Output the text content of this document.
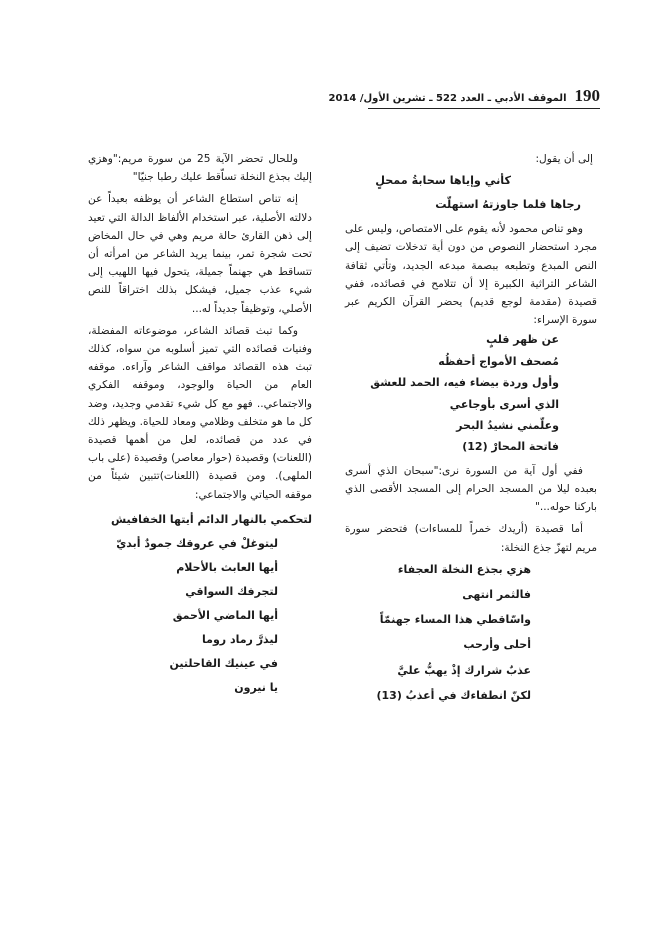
190
الموقف الأدبي ـ العدد 522 ـ تشرين الأول/ 2014

إلى أن يقول:

كأني وإياها سحابةُ ممحلٍ

رجاها فلما جاوزتهُ استهلّت

وهو تناص محمود لأنه يقوم على الامتصاص، وليس على مجرد استحضار النصوص من دون أية تدخلات تضيف إلى النص المبدع وتطبعه ببصمة مبدعه الجديد، وتأتي ثقافة الشاعر التراثية الكبيرة إلا أن تتلامح في قصائده، ففي قصيدة (مقدمة لوجع قديم) يحضر القرآن الكريم عبر سورة الإسراء:

عن ظهر قلبٍ

مُصحف الأمواج أحفظُه

وأول وردة بيضاء فيه، الحمد للعشق

الذي أسرى بأوجاعي

وعلّمني نشيدُ البحر

فاتحة المحارْ (12)

ففي أول آية من السورة نرى:"سبحان الذي أسرى بعبده ليلا من المسجد الحرام إلى المسجد الأقصى الذي باركنا حوله..."

أما قصيدة (أريدك خمراً للمساءات) فتحضر سورة مريم لتهزّ جذع النخلة:

هزي بجذع النخلة العجفاء

فالثمر انتهى

واسّاقطي هذا المساء جهنمّاً

أحلى وأرحب

عذبٌ شرارك إذْ يهبُّ عليَّ

لكنّ انطفاءك في أعذبُ (13)

وللحال تحضر الآية 25 من سورة مريم:"وهزي إليك بجذع النخلة تساّقط عليك رطبا جنيّا"

إنه تناص استطاع الشاعر أن يوظفه بعيداً عن دلالته الأصلية، عبر استخدام الألفاظ الدالة التي تعيد إلى ذهن القارئ حالة مريم وهي في حال المخاض تحت شجرة تمر، بينما يريد الشاعر من امرأته أن تتساقط هي جهنماً جميلة، يتحول فيها اللهيب إلى شيء عذب جميل، فيشكل بذلك اختراقاً للنص الأصلي، وتوظيفاً جديداً له...

وكما تبث قصائد الشاعر، موضوعاته المفضلة، وفنيات قصائده التي تميز أسلوبه من سواه، كذلك تبث هذه القصائد مواقف الشاعر وآراءه. موقفه العام من الحياة والوجود، وموقفه الفكري والاجتماعي.. فهو مع كل شيء تقدمي وجديد، وضد كل ما هو متخلف وظلامي ومعاد للحياة. ويظهر ذلك في عدد من قصائده، لعل من أهمها قصيدة (اللعنات) وقصيدة (حوار معاصر) وقصيدة (على باب الملهى). ومن قصيدة (اللعنات)تتبين شيئاً من موقفه الحياتي والاجتماعي:

لتحكمي بالنهار الدائم أيتها الخفافيش

ليتوغلْ في عروقك جمودٌ أبديّ

أيها العابث بالأحلام

لتجرفك السواقي

أيها الماضي الأحمق

ليذرَّ رماد روما

في عينيك القاحلتين

يا نيرون
